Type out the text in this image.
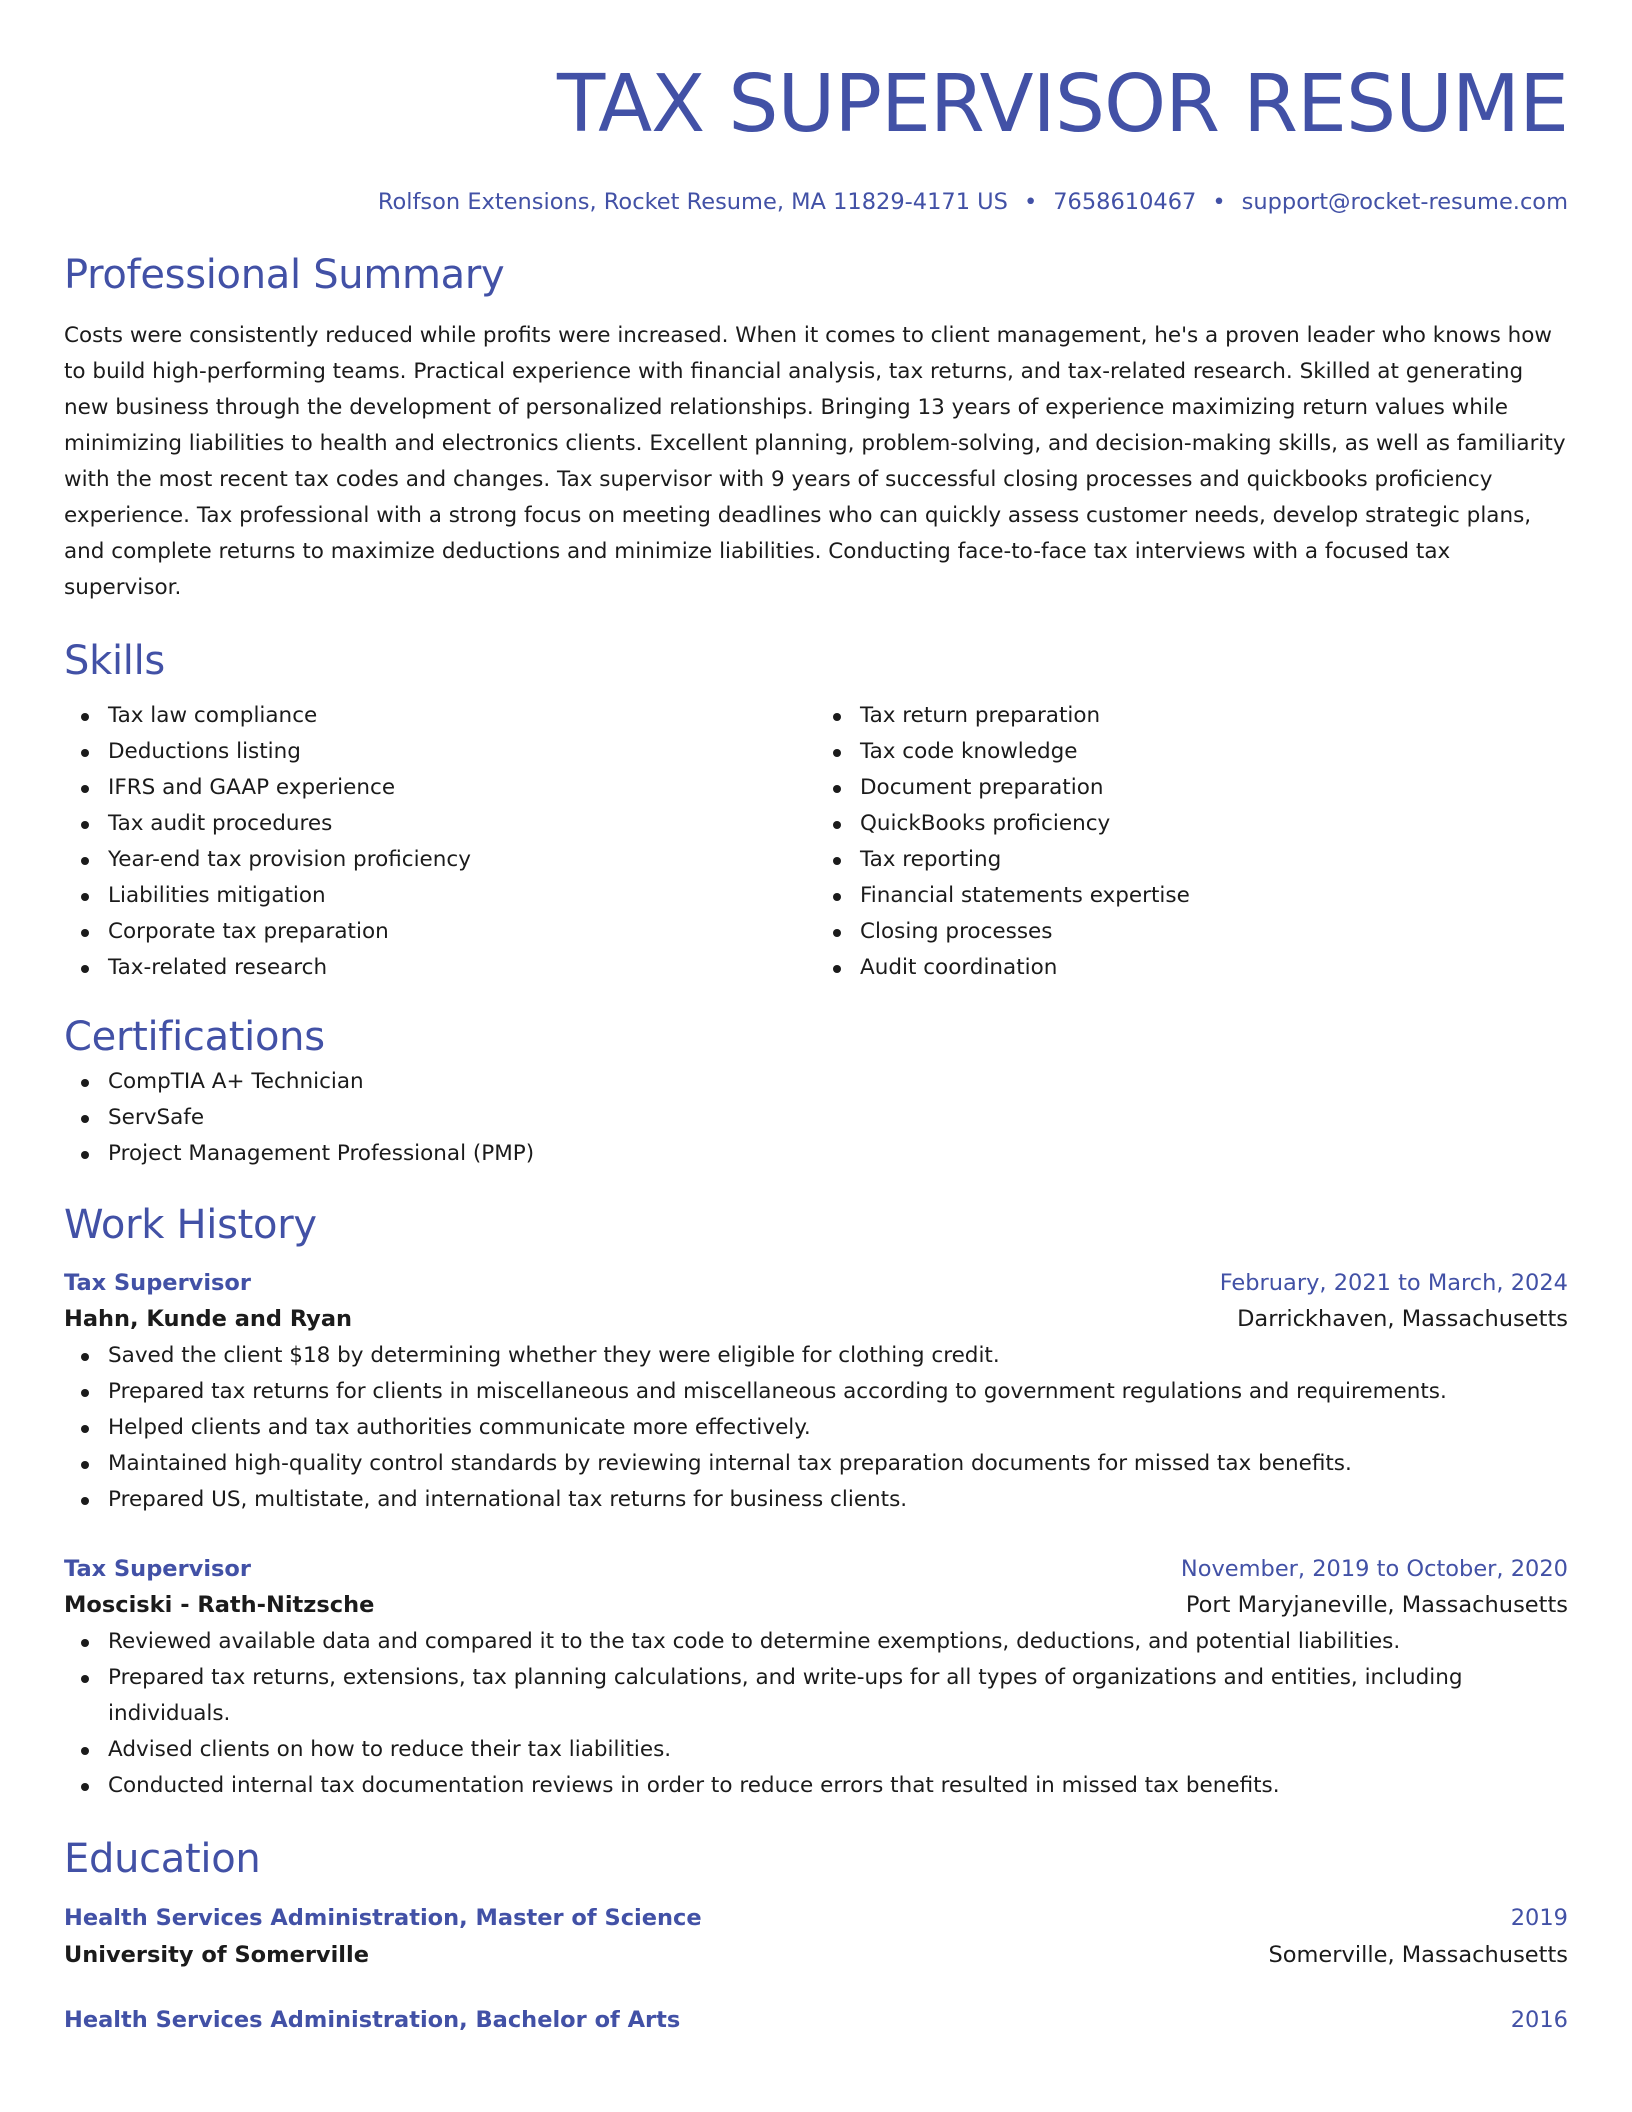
TAX SUPERVISOR RESUME
Rolfson Extensions, Rocket Resume, MA 11829-4171 US • 7658610467 • support@rocket-resume.com
Professional Summary

Costs were consistently reduced while profits were increased. When it comes to client management, he's a proven leader who knows how to build high-performing teams. Practical experience with financial analysis, tax returns, and tax-related research. Skilled at generating new business through the development of personalized relationships. Bringing 13 years of experience maximizing return values while minimizing liabilities to health and electronics clients. Excellent planning, problem-solving, and decision-making skills, as well as familiarity with the most recent tax codes and changes. Tax supervisor with 9 years of successful closing processes and quickbooks proficiency experience. Tax professional with a strong focus on meeting deadlines who can quickly assess customer needs, develop strategic plans, and complete returns to maximize deductions and minimize liabilities. Conducting face-to-face tax interviews with a focused tax supervisor.

Skills
Tax law compliance
Deductions listing
IFRS and GAAP experience
Tax audit procedures
Year-end tax provision proficiency
Liabilities mitigation
Corporate tax preparation
Tax-related research
Tax return preparation
Tax code knowledge
Document preparation
QuickBooks proficiency
Tax reporting
Financial statements expertise
Closing processes
Audit coordination
Certifications
CompTIA A+ Technician
ServSafe
Project Management Professional (PMP)
Work History
Tax Supervisor	February, 2021 to March, 2024
Hahn, Kunde and Ryan	Darrickhaven, Massachusetts
Saved the client $18 by determining whether they were eligible for clothing credit.
Prepared tax returns for clients in miscellaneous and miscellaneous according to government regulations and requirements.
Helped clients and tax authorities communicate more effectively.
Maintained high-quality control standards by reviewing internal tax preparation documents for missed tax benefits.
Prepared US, multistate, and international tax returns for business clients.
Tax Supervisor	November, 2019 to October, 2020
Mosciski - Rath-Nitzsche	Port Maryjaneville, Massachusetts
Reviewed available data and compared it to the tax code to determine exemptions, deductions, and potential liabilities.
Prepared tax returns, extensions, tax planning calculations, and write-ups for all types of organizations and entities, including individuals.
Advised clients on how to reduce their tax liabilities.
Conducted internal tax documentation reviews in order to reduce errors that resulted in missed tax benefits.
Education
Health Services Administration, Master of Science	2019
University of Somerville	Somerville, Massachusetts
Health Services Administration, Bachelor of Arts	2016
